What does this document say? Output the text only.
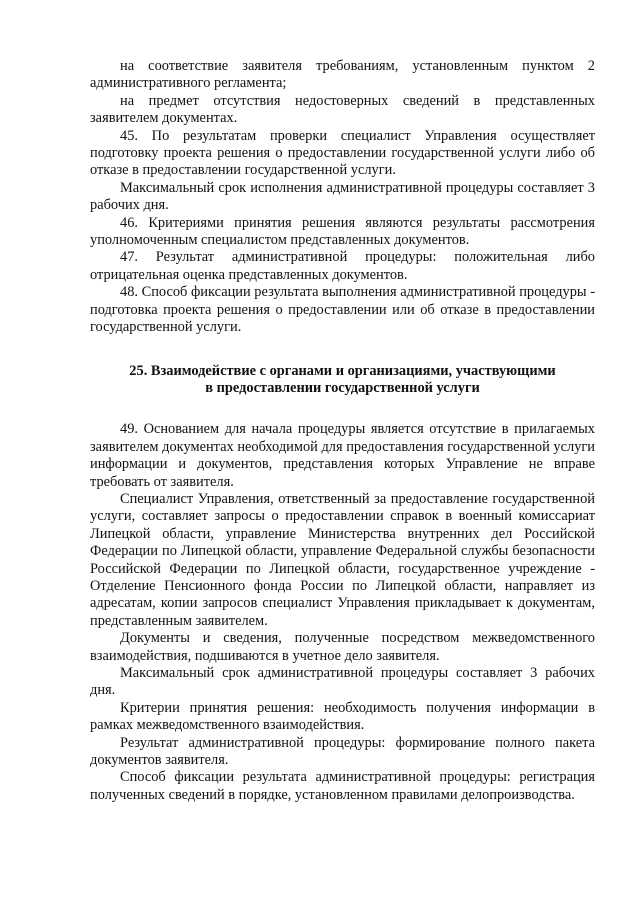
на соответствие заявителя требованиям, установленным пунктом 2 административного регламента;

на предмет отсутствия недостоверных сведений в представленных заявителем документах.

45. По результатам проверки специалист Управления осуществляет подготовку проекта решения о предоставлении государственной услуги либо об отказе в предоставлении государственной услуги.

Максимальный срок исполнения административной процедуры составляет 3 рабочих дня.

46. Критериями принятия решения являются результаты рассмотрения уполномоченным специалистом представленных документов.

47. Результат административной процедуры: положительная либо отрицательная оценка представленных документов.

48. Способ фиксации результата выполнения административной процедуры - подготовка проекта решения о предоставлении или об отказе в предоставлении государственной услуги.

25. Взаимодействие с органами и организациями, участвующими
в предоставлении государственной услуги

49. Основанием для начала процедуры является отсутствие в прилагаемых заявителем документах необходимой для предоставления государственной услуги информации и документов, представления которых Управление не вправе требовать от заявителя.

Специалист Управления, ответственный за предоставление государственной услуги, составляет запросы о предоставлении справок в военный комиссариат Липецкой области, управление Министерства внутренних дел Российской Федерации по Липецкой области, управление Федеральной службы безопасности Российской Федерации по Липецкой области, государственное учреждение - Отделение Пенсионного фонда России по Липецкой области, направляет из адресатам, копии запросов специалист Управления прикладывает к документам, представленным заявителем.

Документы и сведения, полученные посредством межведомственного взаимодействия, подшиваются в учетное дело заявителя.

Максимальный срок административной процедуры составляет 3 рабочих дня.

Критерии принятия решения: необходимость получения информации в рамках межведомственного взаимодействия.

Результат административной процедуры: формирование полного пакета документов заявителя.

Способ фиксации результата административной процедуры: регистрация полученных сведений в порядке, установленном правилами делопроизводства.
